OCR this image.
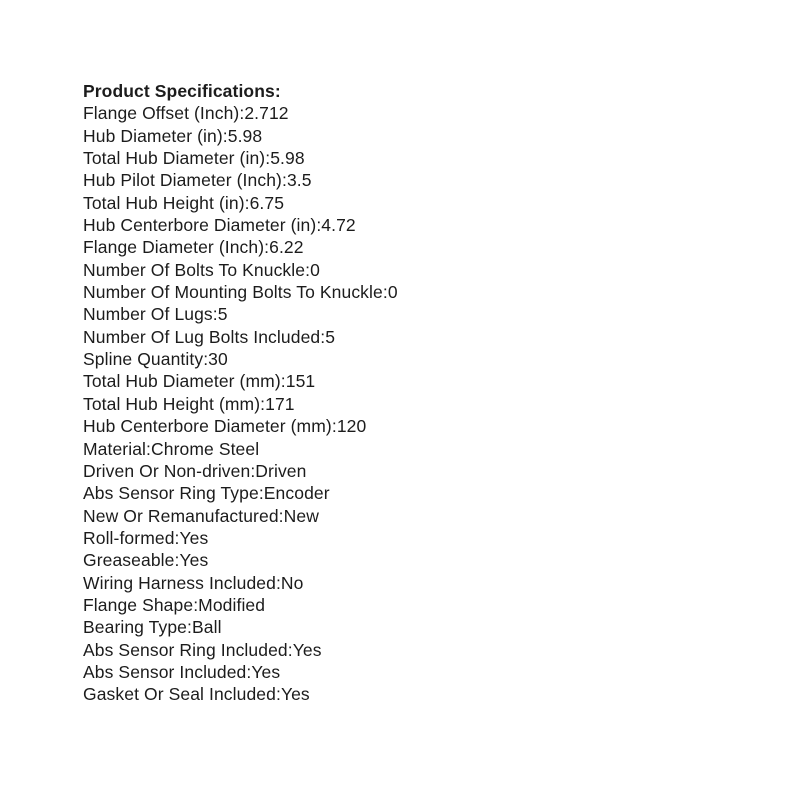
Product Specifications:
Flange Offset (Inch):2.712
Hub Diameter (in):5.98
Total Hub Diameter (in):5.98
Hub Pilot Diameter (Inch):3.5
Total Hub Height (in):6.75
Hub Centerbore Diameter (in):4.72
Flange Diameter (Inch):6.22
Number Of Bolts To Knuckle:0
Number Of Mounting Bolts To Knuckle:0
Number Of Lugs:5
Number Of Lug Bolts Included:5
Spline Quantity:30
Total Hub Diameter (mm):151
Total Hub Height (mm):171
Hub Centerbore Diameter (mm):120
Material:Chrome Steel
Driven Or Non-driven:Driven
Abs Sensor Ring Type:Encoder
New Or Remanufactured:New
Roll-formed:Yes
Greaseable:Yes
Wiring Harness Included:No
Flange Shape:Modified
Bearing Type:Ball
Abs Sensor Ring Included:Yes
Abs Sensor Included:Yes
Gasket Or Seal Included:Yes
